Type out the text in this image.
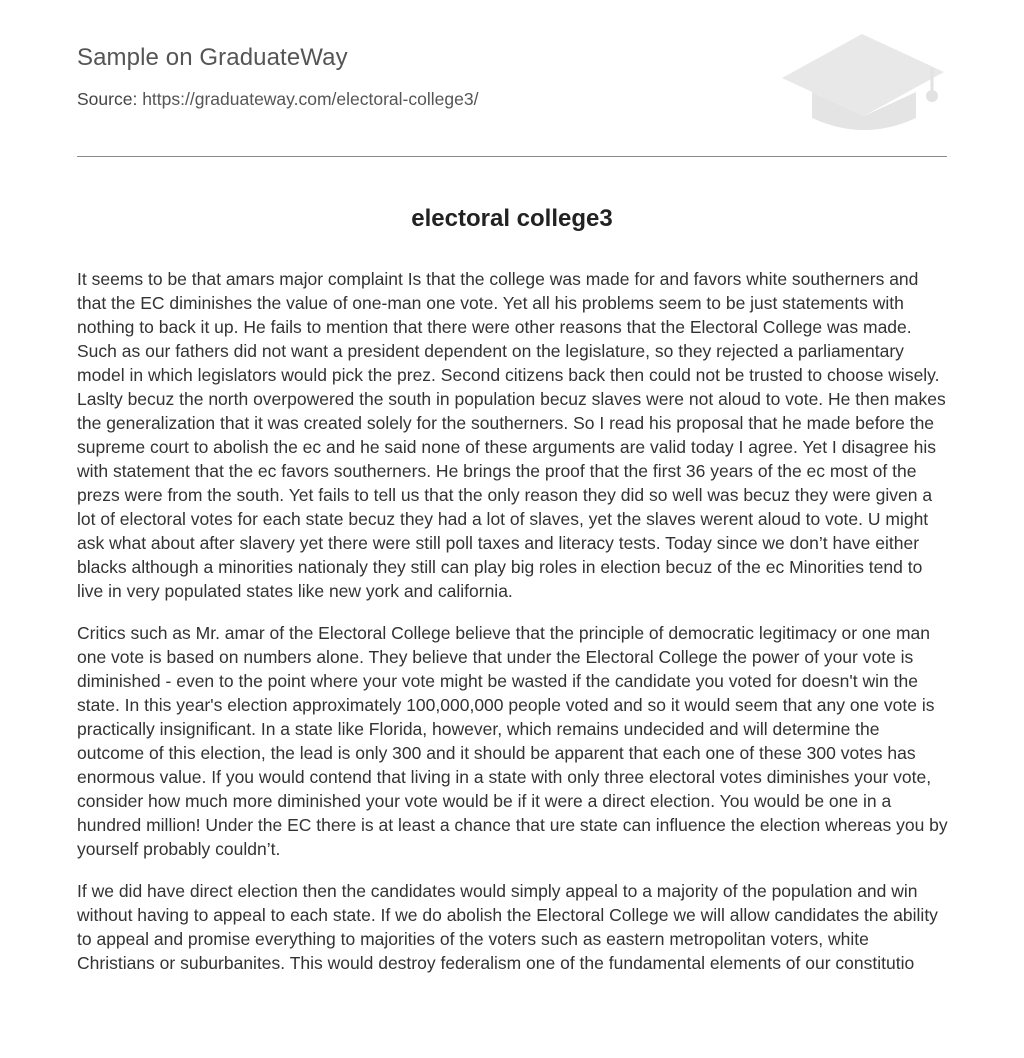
Sample on GraduateWay
Source: https://graduateway.com/electoral-college3/
electoral college3

It seems to be that amars major complaint Is that the college was made for and favors white southerners and that the EC diminishes the value of one-man one vote. Yet all his problems seem to be just statements with nothing to back it up. He fails to mention that there were other reasons that the Electoral College was made. Such as our fathers did not want a president dependent on the legislature, so they rejected a parliamentary model in which legislators would pick the prez. Second citizens back then could not be trusted to choose wisely. Laslty becuz the north overpowered the south in population becuz slaves were not aloud to vote. He then makes the generalization that it was created solely for the southerners. So I read his proposal that he made before the supreme court to abolish the ec and he said none of these arguments are valid today I agree. Yet I disagree his with statement that the ec favors southerners. He brings the proof that the first 36 years of the ec most of the prezs were from the south. Yet fails to tell us that the only reason they did so well was becuz they were given a lot of electoral votes for each state becuz they had a lot of slaves, yet the slaves werent aloud to vote. U might ask what about after slavery yet there were still poll taxes and literacy tests. Today since we don’t have either blacks although a minorities nationaly they still can play big roles in election becuz of the ec Minorities tend to live in very populated states like new york and california.

Critics such as Mr. amar of the Electoral College believe that the principle of democratic legitimacy or one man one vote is based on numbers alone. They believe that under the Electoral College the power of your vote is diminished - even to the point where your vote might be wasted if the candidate you voted for doesn't win the state. In this year's election approximately 100,000,000 people voted and so it would seem that any one vote is practically insignificant. In a state like Florida, however, which remains undecided and will determine the outcome of this election, the lead is only 300 and it should be apparent that each one of these 300 votes has enormous value. If you would contend that living in a state with only three electoral votes diminishes your vote, consider how much more diminished your vote would be if it were a direct election. You would be one in a hundred million! Under the EC there is at least a chance that ure state can influence the election whereas you by yourself probably couldn’t.

If we did have direct election then the candidates would simply appeal to a majority of the population and win without having to appeal to each state. If we do abolish the Electoral College we will allow candidates the ability to appeal and promise everything to majorities of the voters such as eastern metropolitan voters, white Christians or suburbanites. This would destroy federalism one of the fundamental elements of our constitutio
